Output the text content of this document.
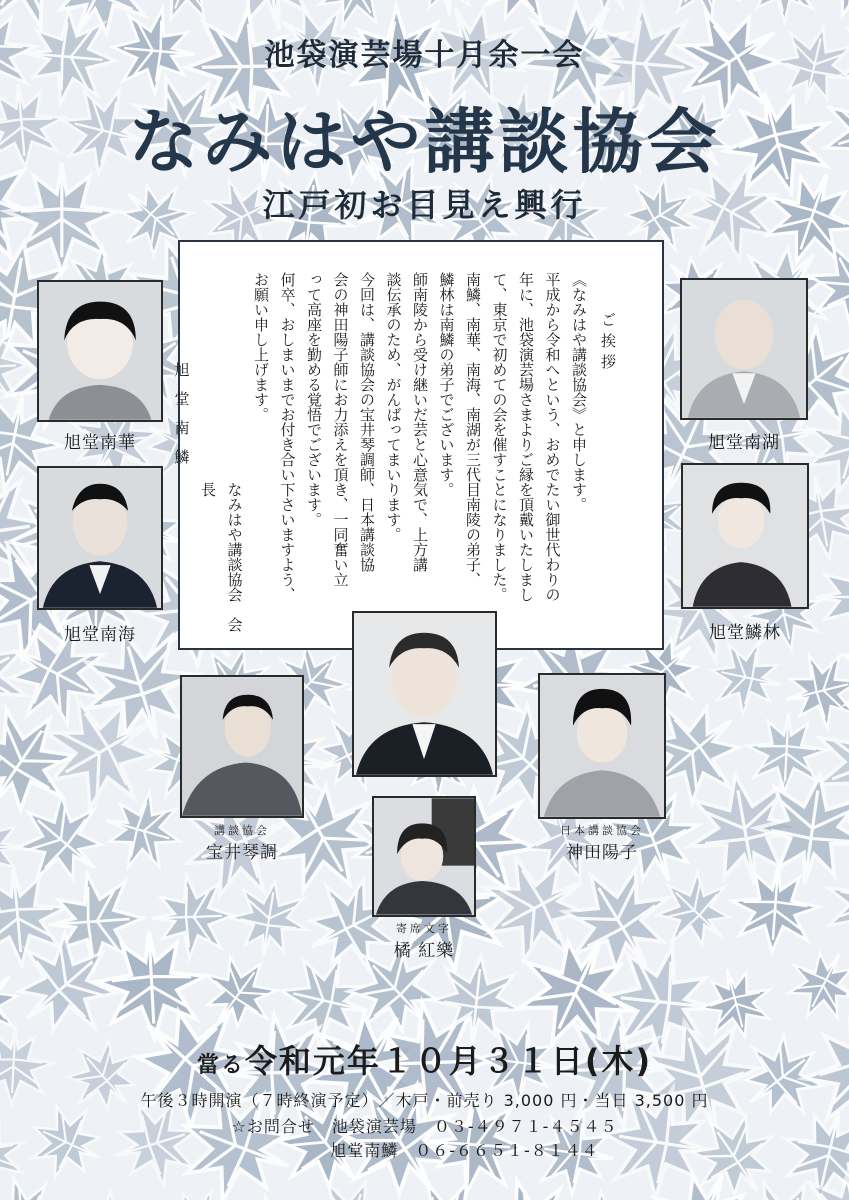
池袋演芸場十月余一会
なみはや講談協会
江戸初お目見え興行

ご挨拶

《なみはや講談協会》と申します。

平成から令和へという、おめでたい御世代わりの

年に、池袋演芸場さまよりご縁を頂戴いたしまし

て、東京で初めての会を催すことになりました。

南鱗、南華、南海、南湖が三代目南陵の弟子、

鱗林は南鱗の弟子でございます。

師南陵から受け継いだ芸と心意気で、上方講

談伝承のため、がんばってまいります。

今回は、講談協会の宝井琴調師、日本講談協

会の神田陽子師にお力添えを頂き、一同奮い立

って高座を勤める覚悟でございます。

何卒、おしまいまでお付き合い下さいますよう、

お願い申し上げます。

なみはや講談協会　会長

旭堂南鱗

旭堂南華
旭堂南海
旭堂南湖
旭堂鱗林
講談協会
宝井琴調
日本講談協会
神田陽子
寄席文字
橘 紅樂
當る令和元年１０月３１日(木)
午後３時開演（７時終演予定）／木戸・前売り 3,000 円・当日 3,500 円
☆お問合せ　 池袋演芸場　０３-４９７１-４５４５
旭堂南鱗　０６-６６５１-８１４４
